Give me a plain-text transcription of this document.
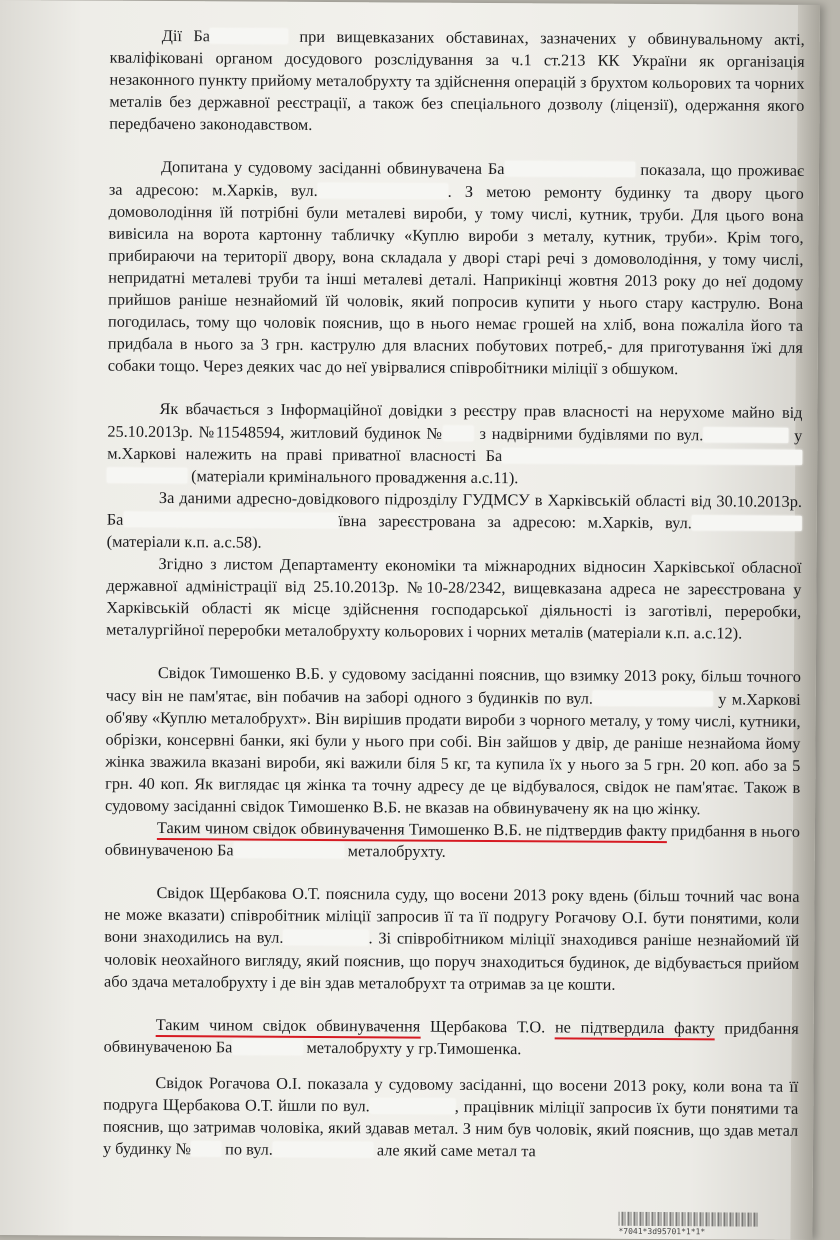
Дії Ба	при вищевказаних обставинах, зазначених у обвинувальному акті, кваліфіковані органом досудового розслідування за ч.1 ст.213 КК України як організація незаконного пункту прийому металобрухту та здійснення операцій з брухтом кольорових та чорних металів без державної реєстрації, а також без спеціального дозволу (ліцензії), одержання якого передбачено законодавством.

Допитана у судовому засіданні обвинувачена Ба	показала, що проживає за адресою: м.Харків, вул.	. З метою ремонту будинку та двору цього домоволодіння їй потрібні були металеві вироби, у тому числі, кутник, труби. Для цього вона вивісила на ворота картонну табличку «Куплю вироби з металу, кутник, труби». Крім того, прибираючи на території двору, вона складала у дворі старі речі з домоволодіння, у тому числі, непридатні металеві труби та інші металеві деталі. Наприкінці жовтня 2013 року до неї додому прийшов раніше незнайомий їй чоловік, який попросив купити у нього стару каструлю. Вона погодилась, тому що чоловік пояснив, що в нього немає грошей на хліб, вона пожаліла його та придбала в нього за 3 грн. каструлю для власних побутових потреб,- для приготування їжі для собаки тощо. Через деяких час до неї увірвалися співробітники міліції з обшуком.

Як вбачається з Інформаційної довідки з реєстру прав власності на нерухоме майно від 25.10.2013р. №11548594, житловий будинок № з надвірними будівлями по вул.	у м.Харкові належить на праві приватної власності Ба (матеріали кримінального провадження а.с.11).

За даними адресно-довідкового підрозділу ГУДМСУ в Харківській області від 30.10.2013р. Ба	ївна зареєстрована за адресою: м.Харків, вул. (матеріали к.п. а.с.58).

Згідно з листом Департаменту економіки та міжнародних відносин Харківської обласної державної адміністрації від 25.10.2013р. №10-28/2342, вищевказана адреса не зареєстрована у Харківській області як місце здійснення господарської діяльності із заготівлі, переробки, металургійної переробки металобрухту кольорових і чорних металів (матеріали к.п. а.с.12).

Свідок Тимошенко В.Б. у судовому засіданні пояснив, що взимку 2013 року, більш точного часу він не пам'ятає, він побачив на заборі одного з будинків по вул.	у м.Харкові об'яву «Куплю металобрухт». Він вирішив продати вироби з чорного металу, у тому числі, кутники, обрізки, консервні банки, які були у нього при собі. Він зайшов у двір, де раніше незнайома йому жінка зважила вказані вироби, які важили біля 5 кг, та купила їх у нього за 5 грн. 20 коп. або за 5 грн. 40 коп. Як виглядає ця жінка та точну адресу де це відбувалося, свідок не пам'ятає. Також в судовому засіданні свідок Тимошенко В.Б. не вказав на обвинувачену як на цю жінку.

Таким чином свідок обвинувачення Тимошенко В.Б. не підтвердив факту придбання в нього обвинуваченою Ба	металобрухту.

Свідок Щербакова О.Т. пояснила суду, що восени 2013 року вдень (більш точний час вона не може вказати) співробітник міліції запросив її та її подругу Рогачову О.І. бути понятими, коли вони знаходились на вул.	. Зі співробітником міліції знаходився раніше незнайомий їй чоловік неохайного вигляду, який пояснив, що поруч знаходиться будинок, де відбувається прийом або здача металобрухту і де він здав металобрухт та отримав за це кошти.

Таким чином свідок обвинувачення Щербакова Т.О. не підтвердила факту придбання обвинуваченою Ба	металобрухту у гр.Тимошенка.

Свідок Рогачова О.І. показала у судовому засіданні, що восени 2013 року, коли вона та її подруга Щербакова О.Т. йшли по вул.	, працівник міліції запросив їх бути понятими та пояснив, що затримав чоловіка, який здавав метал. З ним був чоловік, який пояснив, що здав метал у будинку № по вул.	але який саме метал та

*7041*3d95701*1*1*
